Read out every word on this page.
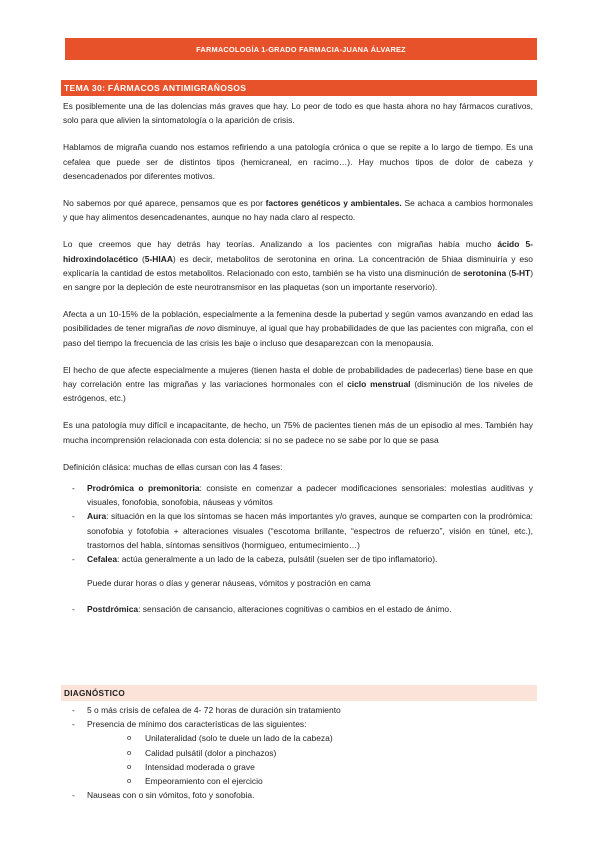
FARMACOLOGÍA 1-GRADO FARMACIA-JUANA ÁLVAREZ
TEMA 30: FÁRMACOS ANTIMIGRAÑOSOS

Es posiblemente una de las dolencias más graves que hay. Lo peor de todo es que hasta ahora no hay fármacos curativos, solo para que alivien la sintomatología o la aparición de crisis.

Hablamos de migraña cuando nos estamos refiriendo a una patología crónica o que se repite a lo largo de tiempo. Es una cefalea que puede ser de distintos tipos (hemicraneal, en racimo…). Hay muchos tipos de dolor de cabeza y desencadenados por diferentes motivos.

No sabemos por qué aparece, pensamos que es por factores genéticos y ambientales. Se achaca a cambios hormonales y que hay alimentos desencadenantes, aunque no hay nada claro al respecto.

Lo que creemos que hay detrás hay teorías. Analizando a los pacientes con migrañas había mucho ácido 5-hidroxindolacético (5-HIAA) es decir, metabolitos de serotonina en orina. La concentración de 5hiaa disminuiría y eso explicaría la cantidad de estos metabolitos. Relacionado con esto, también se ha visto una disminución de serotonina (5-HT) en sangre por la depleción de este neurotransmisor en las plaquetas (son un importante reservorio).

Afecta a un 10-15% de la población, especialmente a la femenina desde la pubertad y según vamos avanzando en edad las posibilidades de tener migrañas de novo disminuye, al igual que hay probabilidades de que las pacientes con migraña, con el paso del tiempo la frecuencia de las crisis les baje o incluso que desaparezcan con la menopausia.

El hecho de que afecte especialmente a mujeres (tienen hasta el doble de probabilidades de padecerlas) tiene base en que hay correlación entre las migrañas y las variaciones hormonales con el ciclo menstrual (disminución de los niveles de estrógenos, etc.)

Es una patología muy difícil e incapacitante, de hecho, un 75% de pacientes tienen más de un episodio al mes. También hay mucha incomprensión relacionada con esta dolencia: si no se padece no se sabe por lo que se pasa

Definición clásica: muchas de ellas cursan con las 4 fases:

- Prodrómica o premonitoria: consiste en comenzar a padecer modificaciones sensoriales: molestias auditivas y visuales, fonofobia, sonofobia, náuseas y vómitos
- Aura: situación en la que los síntomas se hacen más importantes y/o graves, aunque se comparten con la prodrómica: sonofobia y fotofobia + alteraciones visuales (“escotoma brillante, “espectros de refuerzo”, visión en túnel, etc.), trastornos del habla, síntomas sensitivos (hormigueo, entumecimiento…)
- Cefalea: actúa generalmente a un lado de la cabeza, pulsátil (suelen ser de tipo inflamatorio).
Puede durar horas o días y generar náuseas, vómitos y postración en cama
- Postdrómica: sensación de cansancio, alteraciones cognitivas o cambios en el estado de ánimo.
DIAGNÓSTICO
- 5 o más crisis de cefalea de 4- 72 horas de duración sin tratamiento
- Presencia de mínimo dos características de las siguientes:
o Unilateralidad (solo te duele un lado de la cabeza)
o Calidad pulsátil (dolor a pinchazos)
o Intensidad moderada o grave
o Empeoramiento con el ejercicio
- Nauseas con o sin vómitos, foto y sonofobia.
